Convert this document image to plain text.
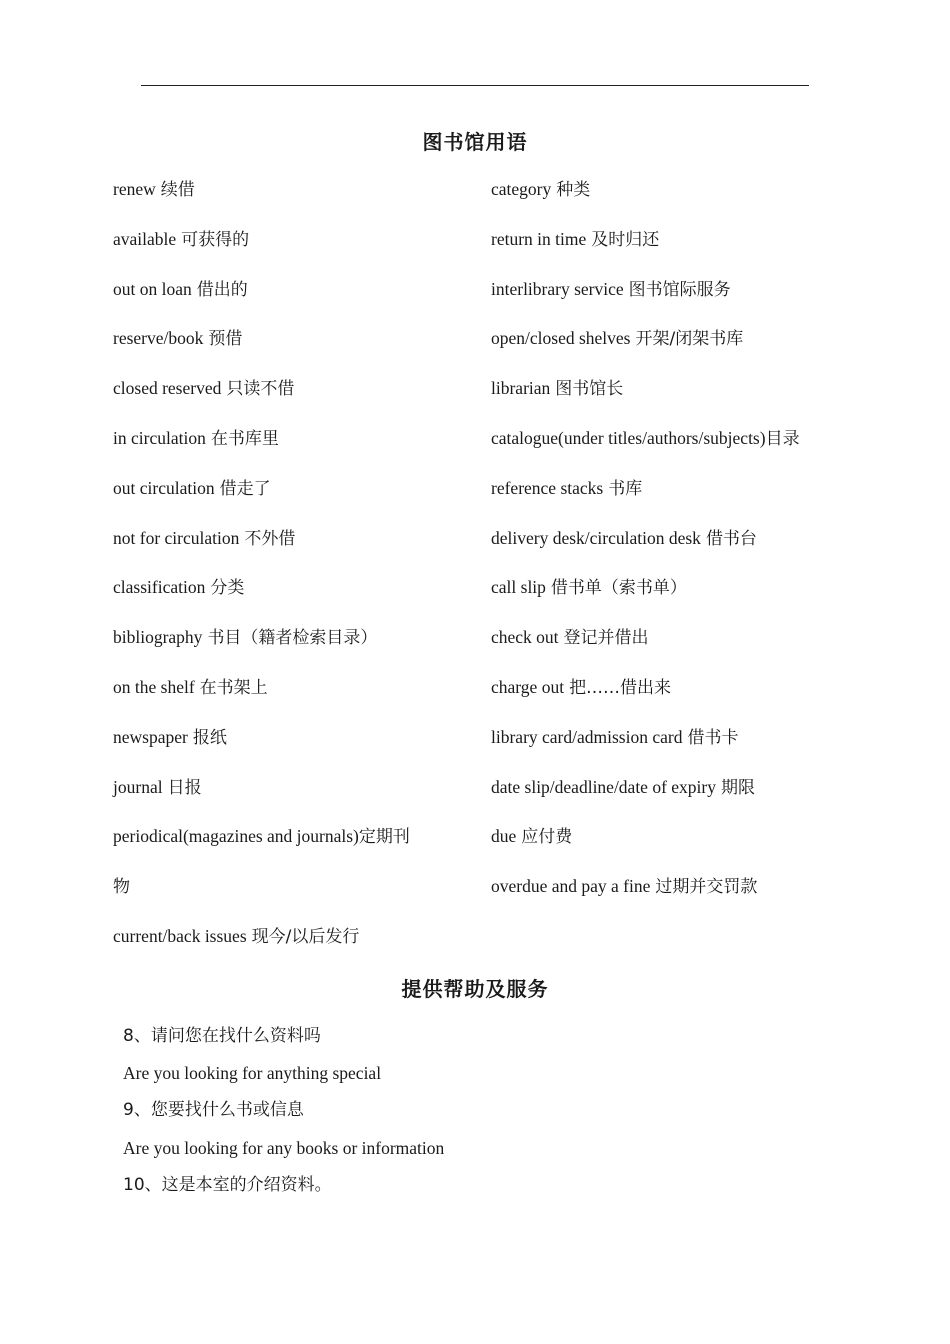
图书馆用语
renew 续借
available 可获得的
out on loan 借出的
reserve/book 预借
closed reserved 只读不借
in circulation 在书库里
out circulation 借走了
not for circulation 不外借
classification 分类
bibliography 书目（籍者检索目录）
on the shelf 在书架上
newspaper 报纸
journal 日报
periodical(magazines and journals)定期刊
物
current/back issues 现今/以后发行
category 种类
return in time 及时归还
interlibrary service 图书馆际服务
open/closed shelves 开架/闭架书库
librarian 图书馆长
catalogue(under titles/authors/subjects)目录
reference stacks 书库
delivery desk/circulation desk 借书台
call slip 借书单（索书单）
check out 登记并借出
charge out 把……借出来
library card/admission card 借书卡
date slip/deadline/date of expiry 期限
due 应付费
overdue and pay a fine 过期并交罚款
提供帮助及服务
8、请问您在找什么资料吗
Are you looking for anything special
9、您要找什么书或信息
Are you looking for any books or information
10、这是本室的介绍资料。
